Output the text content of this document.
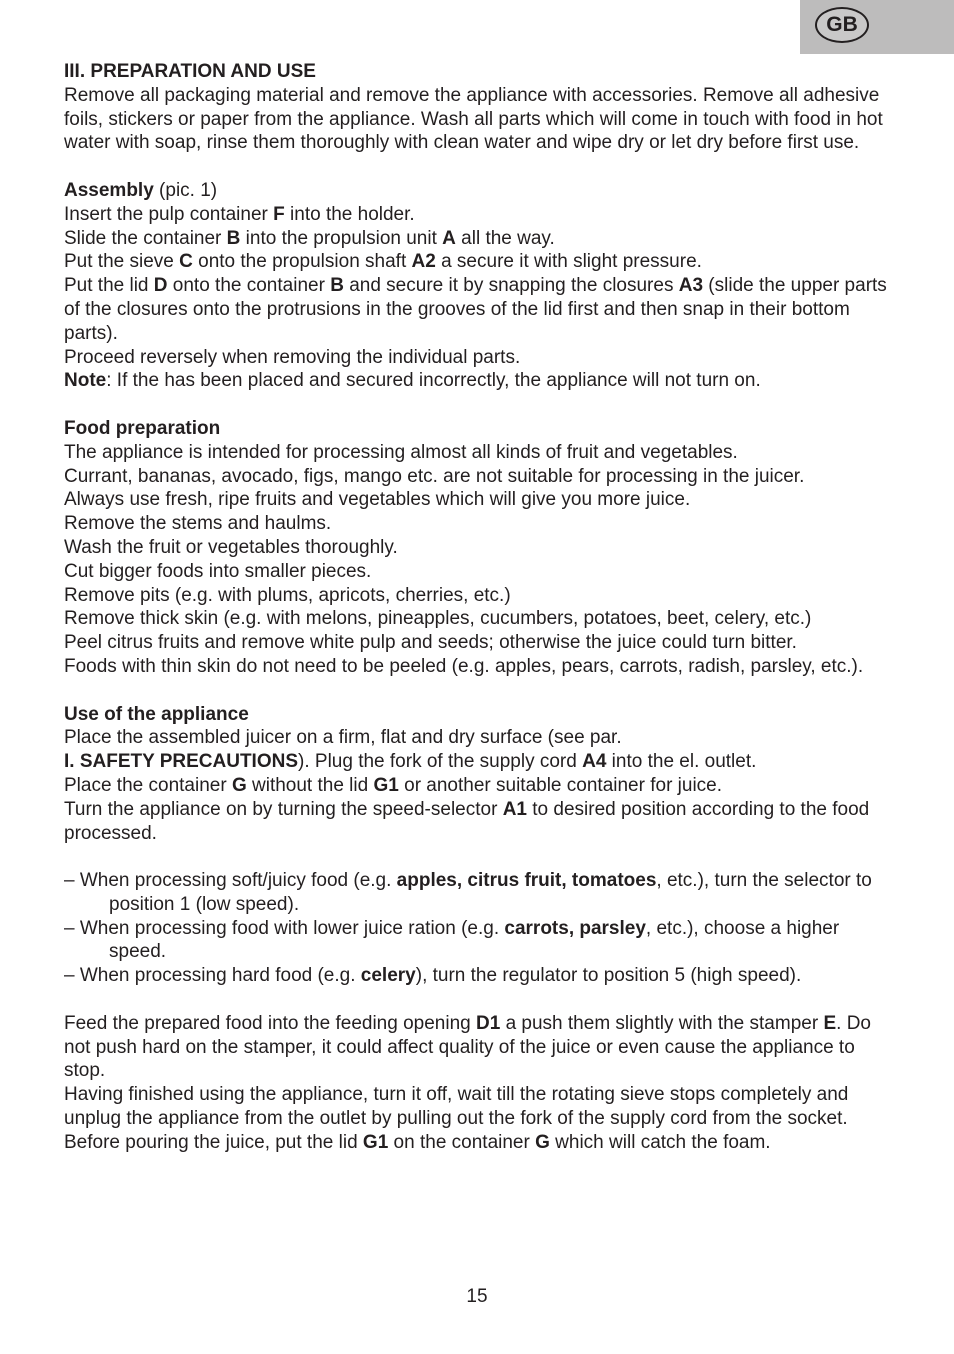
GB

III. PREPARATION AND USE

Remove all packaging material and remove the appliance with accessories. Remove all adhesive foils, stickers or paper from the appliance. Wash all parts which will come in touch with food in hot water with soap, rinse them thoroughly with clean water and wipe dry or let dry before first use.

Assembly (pic. 1)

Insert the pulp container F into the holder.

Slide the container B into the propulsion unit A all the way.

Put the sieve C onto the propulsion shaft A2 a secure it with slight pressure.

Put the lid D onto the container B and secure it by snapping the closures A3 (slide the upper parts of the closures onto the protrusions in the grooves of the lid first and then snap in their bottom parts).

Proceed reversely when removing the individual parts.

Note: If the has been placed and secured incorrectly, the appliance will not turn on.

Food preparation

The appliance is intended for processing almost all kinds of fruit and vegetables.

Currant, bananas, avocado, figs, mango etc. are not suitable for processing in the juicer.

Always use fresh, ripe fruits and vegetables which will give you more juice.

Remove the stems and haulms.

Wash the fruit or vegetables thoroughly.

Cut bigger foods into smaller pieces.

Remove pits (e.g. with plums, apricots, cherries, etc.)

Remove thick skin (e.g. with melons, pineapples, cucumbers, potatoes, beet, celery, etc.)

Peel citrus fruits and remove white pulp and seeds; otherwise the juice could turn bitter.

Foods with thin skin do not need to be peeled (e.g. apples, pears, carrots, radish, parsley, etc.).

Use of the appliance

Place the assembled juicer on a firm, flat and dry surface (see par.

I. SAFETY PRECAUTIONS). Plug the fork of the supply cord A4 into the el. outlet.

Place the container G without the lid G1 or another suitable container for juice.

Turn the appliance on by turning the speed-selector A1 to desired position according to the food processed.

– When processing soft/juicy food (e.g. apples, citrus fruit, tomatoes, etc.), turn the selector to position 1 (low speed).

– When processing food with lower juice ration (e.g. carrots, parsley, etc.), choose a higher speed.

– When processing hard food (e.g. celery), turn the regulator to position 5 (high speed).

Feed the prepared food into the feeding opening D1 a push them slightly with the stamper E. Do not push hard on the stamper, it could affect quality of the juice or even cause the appliance to stop.

Having finished using the appliance, turn it off, wait till the rotating sieve stops completely and unplug the appliance from the outlet by pulling out the fork of the supply cord from the socket.

Before pouring the juice, put the lid G1 on the container G which will catch the foam.

15
